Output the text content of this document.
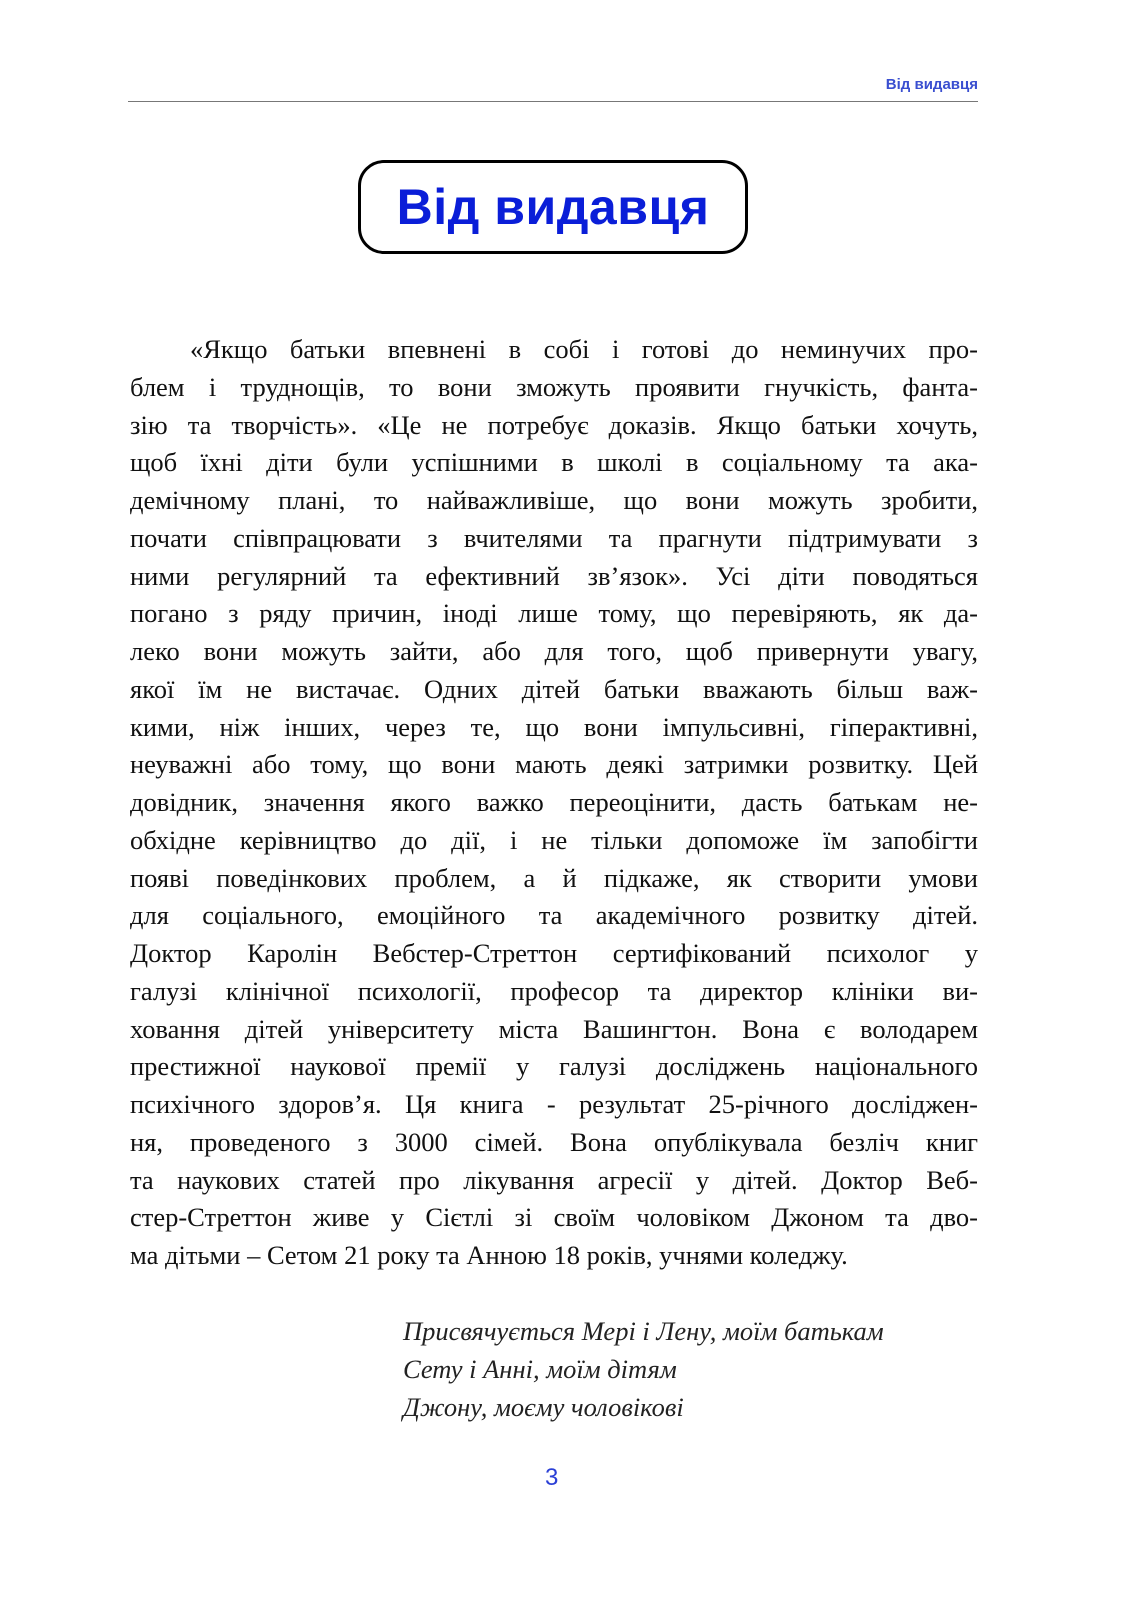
Від видавця
Від видавця
«Якщо батьки впевнені в собі і готові до неминучих про-
блем і труднощів, то вони зможуть проявити гнучкість, фанта-
зію та творчість». «Це не потребує доказів. Якщо батьки хочуть,
щоб їхні діти були успішними в школі в соціальному та ака-
демічному плані, то найважливіше, що вони можуть зробити,
почати співпрацювати з вчителями та прагнути підтримувати з
ними регулярний та ефективний зв’язок». Усі діти поводяться
погано з ряду причин, іноді лише тому, що перевіряють, як да-
леко вони можуть зайти, або для того, щоб привернути увагу,
якої їм не вистачає. Одних дітей батьки вважають більш важ-
кими, ніж інших, через те, що вони імпульсивні, гіперактивні,
неуважні або тому, що вони мають деякі затримки розвитку. Цей
довідник, значення якого важко переоцінити, дасть батькам не-
обхідне керівництво до дії, і не тільки допоможе їм запобігти
появі поведінкових проблем, а й підкаже, як створити умови
для соціального, емоційного та академічного розвитку дітей.
Доктор Каролін Вебстер-Стреттон сертифікований психолог у
галузі клінічної психології, професор та директор клініки ви-
ховання дітей університету міста Вашингтон. Вона є володарем
престижної наукової премії у галузі досліджень національного
психічного здоров’я. Ця книга - результат 25-річного досліджен-
ня, проведеного з 3000 сімей. Вона опублікувала безліч книг
та наукових статей про лікування агресії у дітей. Доктор Веб-
стер-Стреттон живе у Сієтлі зі своїм чоловіком Джоном та дво-
ма дітьми – Сетом 21 року та Анною 18 років, учнями коледжу.
Присвячується Мері і Лену, моїм батькам
Сету і Анні, моїм дітям
Джону, моєму чоловікові
3
